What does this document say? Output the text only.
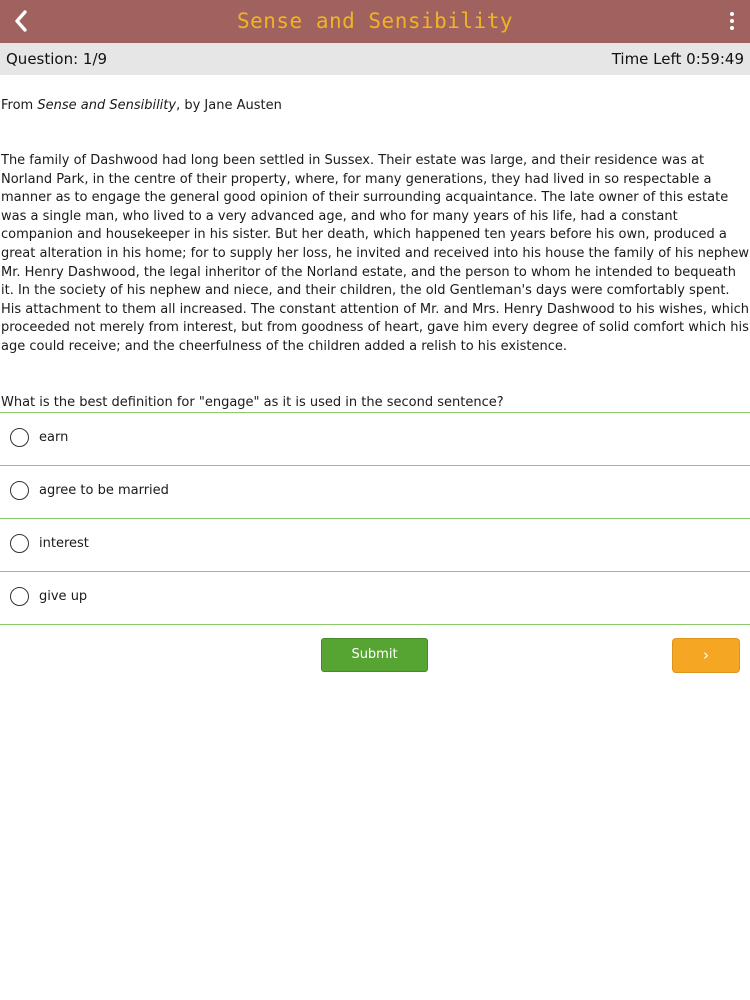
Sense and Sensibility
Question: 1/9	Time Left 0:59:49
From Sense and Sensibility, by Jane Austen

The family of Dashwood had long been settled in Sussex. Their estate was large, and their residence was at Norland Park, in the centre of their property, where, for many generations, they had lived in so respectable a manner as to engage the general good opinion of their surrounding acquaintance. The late owner of this estate was a single man, who lived to a very advanced age, and who for many years of his life, had a constant companion and housekeeper in his sister. But her death, which happened ten years before his own, produced a great alteration in his home; for to supply her loss, he invited and received into his house the family of his nephew Mr. Henry Dashwood, the legal inheritor of the Norland estate, and the person to whom he intended to bequeath it. In the society of his nephew and niece, and their children, the old Gentleman's days were comfortably spent. His attachment to them all increased. The constant attention of Mr. and Mrs. Henry Dashwood to his wishes, which proceeded not merely from interest, but from goodness of heart, gave him every degree of solid comfort which his age could receive; and the cheerfulness of the children added a relish to his existence.

What is the best definition for "engage" as it is used in the second sentence?
earn
agree to be married
interest
give up
Submit	›
